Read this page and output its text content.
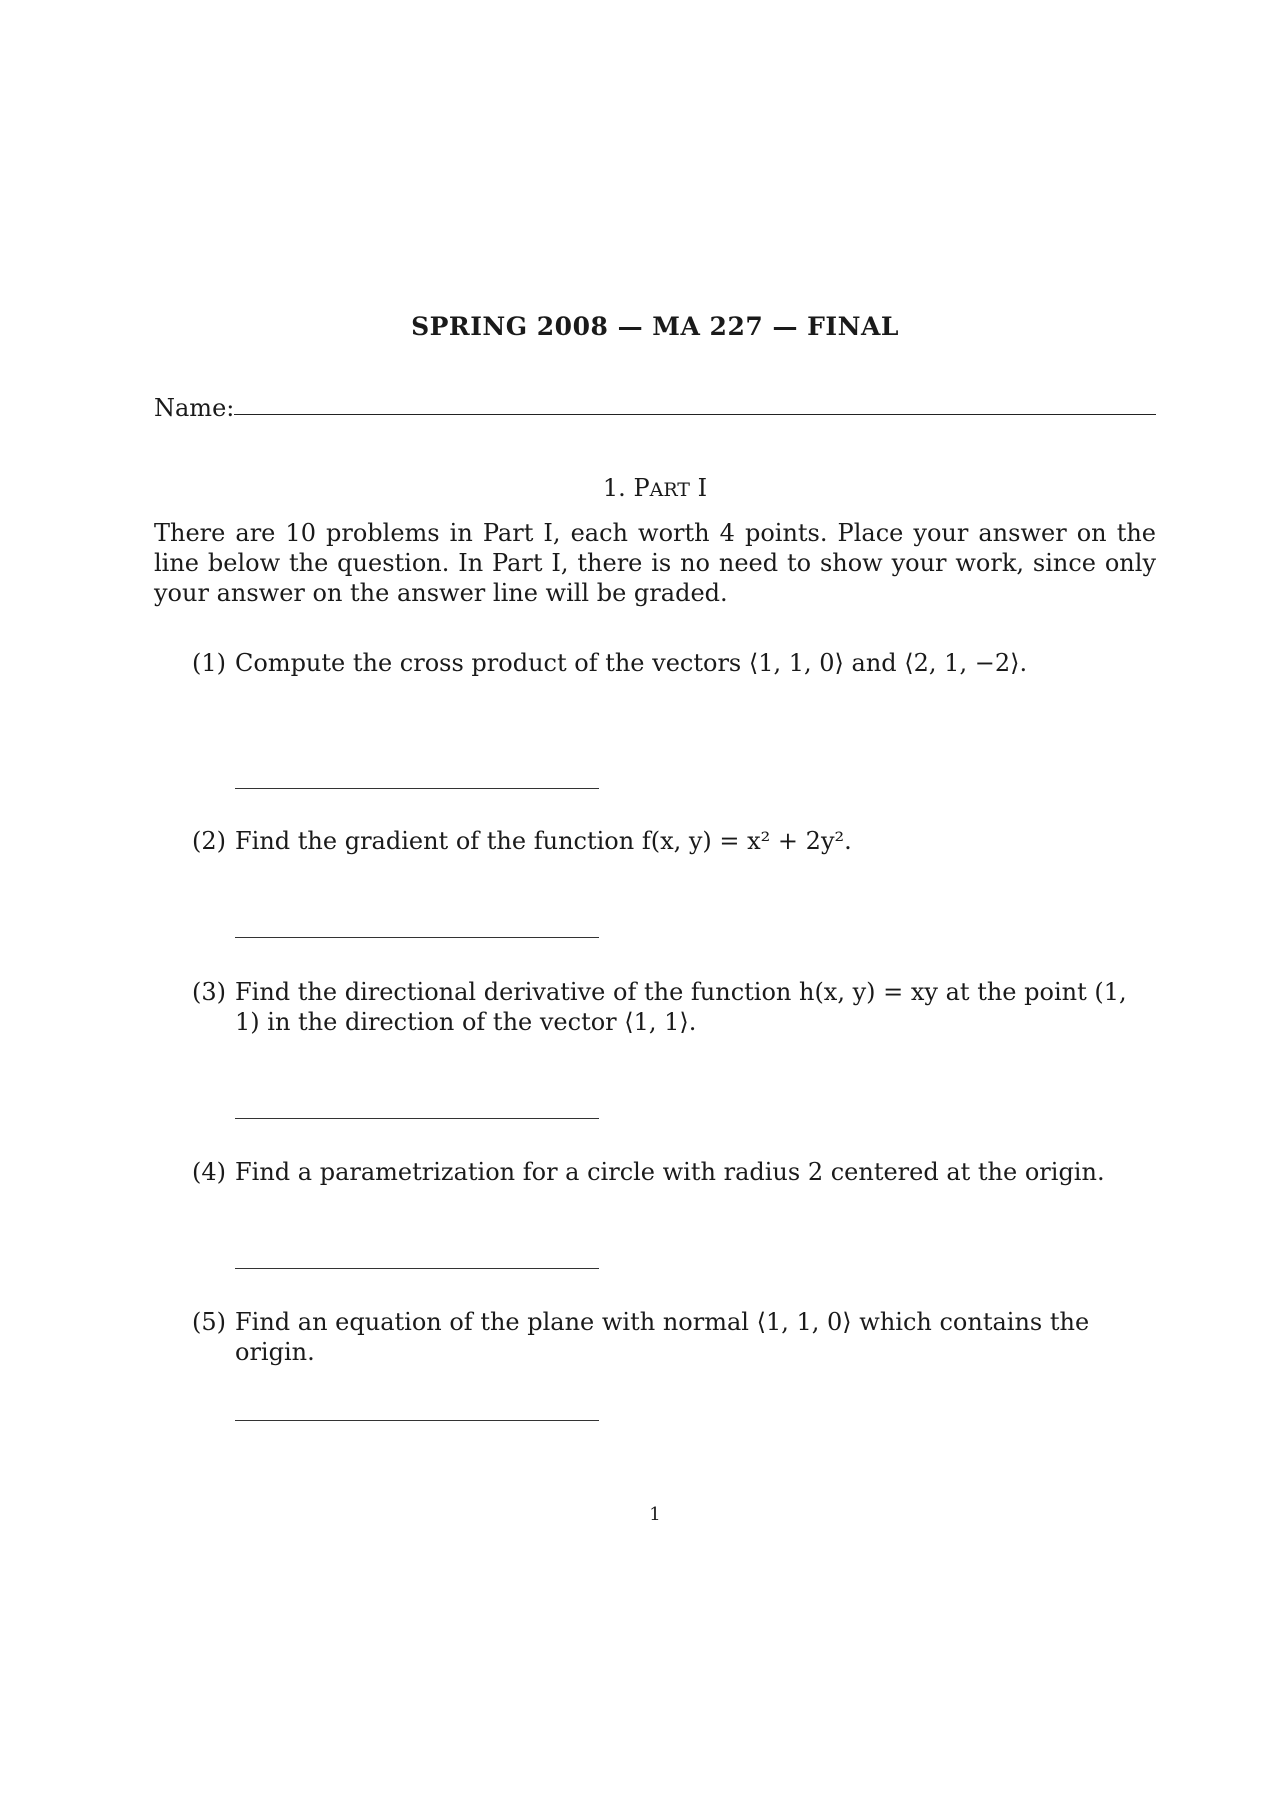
SPRING 2008 — MA 227 — FINAL
Name:
1. PART I
There are 10 problems in Part I, each worth 4 points. Place your answer on the line below the question. In Part I, there is no need to show your work, since only your answer on the answer line will be graded.
(1) Compute the cross product of the vectors ⟨1, 1, 0⟩ and ⟨2, 1, −2⟩.
(2) Find the gradient of the function f(x, y) = x² + 2y².
(3) Find the directional derivative of the function h(x, y) = xy at the point (1, 1) in the direction of the vector ⟨1, 1⟩.
(4) Find a parametrization for a circle with radius 2 centered at the origin.
(5) Find an equation of the plane with normal ⟨1, 1, 0⟩ which contains the origin.
1
